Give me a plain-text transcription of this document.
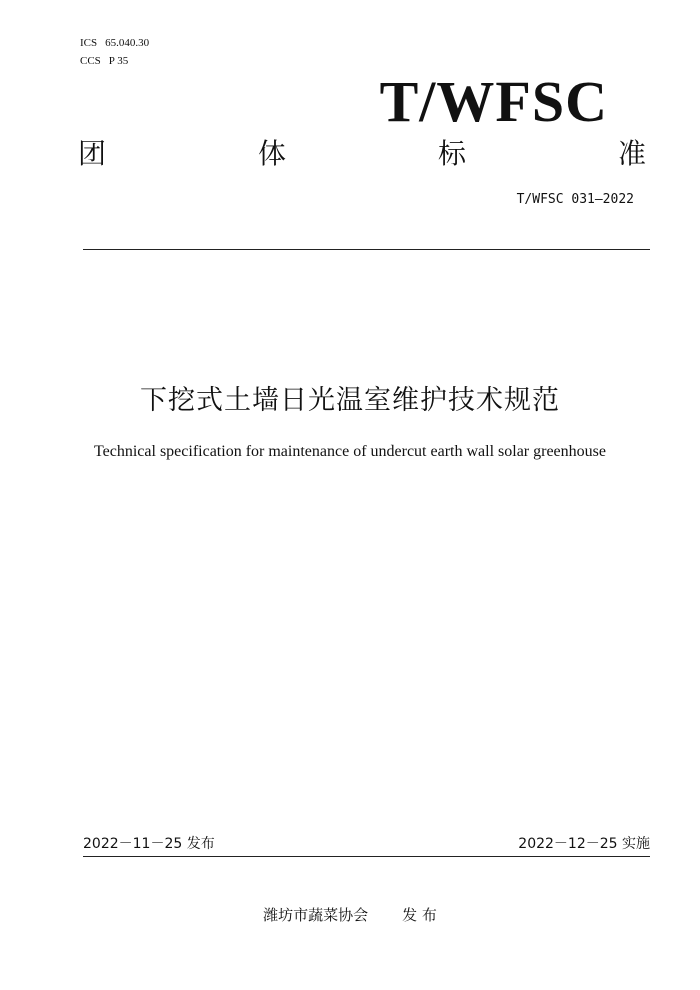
ICS 65.040.30
CCS P 35
T/WFSC
团	体	标	准
T/WFSC 031—2022
下挖式土墙日光温室维护技术规范
Technical specification for maintenance of undercut earth wall solar greenhouse
2022－11－25 发布	2022－12－25 实施
潍坊市蔬菜协会 发 布
